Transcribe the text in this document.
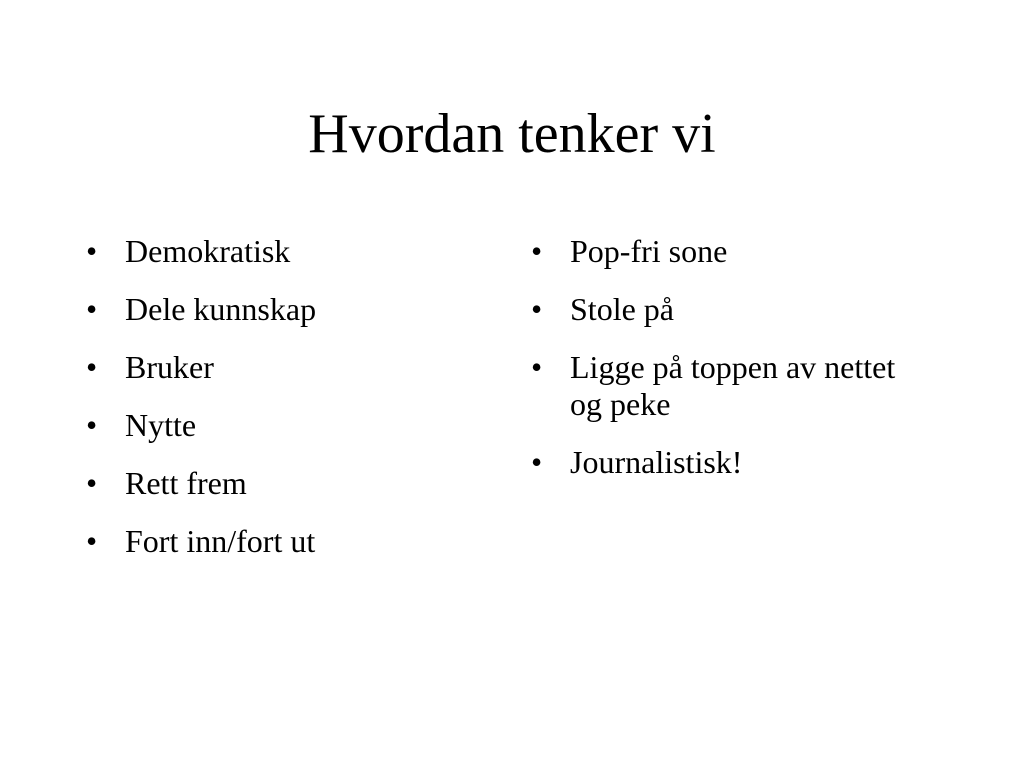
Hvordan tenker vi
• Demokratisk
• Dele kunnskap
• Bruker
• Nytte
• Rett frem
• Fort inn/fort ut
• Pop-fri sone
• Stole på
• Ligge på toppen av nettet og peke
• Journalistisk!
